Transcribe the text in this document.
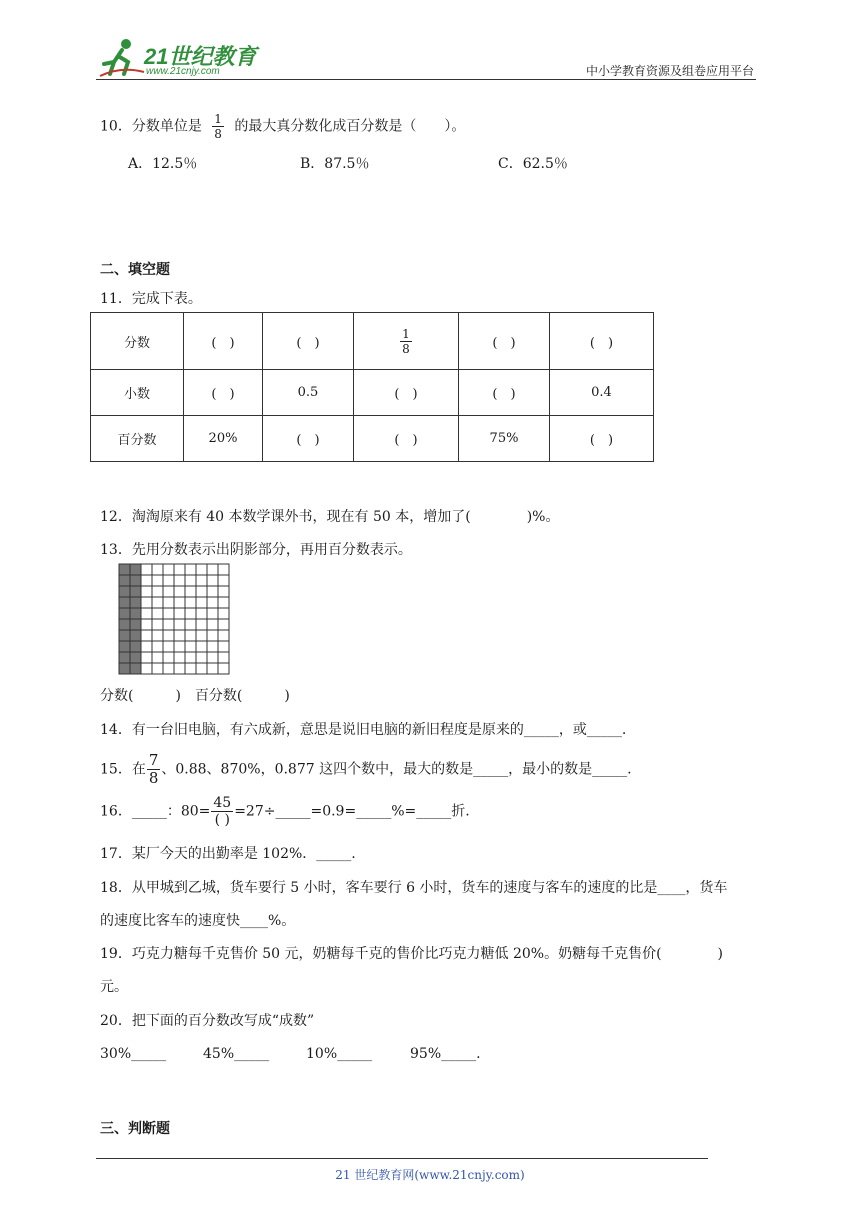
21世纪教育
www.21cnjy.com	中小学教育资源及组卷应用平台
10．分数单位是 $\frac{1}{8}$ 的最大真分数化成百分数是（　　）。
A．12.5％	B．87.5％	C．62.5％
二、填空题
11．完成下表。
分数	(　)	(　)	$\frac{1}{8}$	(　)	(　)
小数	(　)	0.5	(　)	(　)	0.4
百分数	20%	(　)	(　)	75%	(　)
12．淘淘原来有 40 本数学课外书，现在有 50 本，增加了(　　　　)%。
13．先用分数表示出阴影部分，再用百分数表示。
分数(　　　)　百分数(　　　)
14．有一台旧电脑，有六成新，意思是说旧电脑的新旧程度是原来的_____，或_____.
15．在 $\frac{7}{8}$ 、0.88、870%，0.877 这四个数中，最大的数是_____，最小的数是_____.
16．_____：$80= \frac{45}{( )}$ =27÷_____=0.9=_____%=_____折.
17．某厂今天的出勤率是 102%．_____.
18．从甲城到乙城，货车要行 5 小时，客车要行 6 小时，货车的速度与客车的速度的比是____，货车
的速度比客车的速度快____%。
19．巧克力糖每千克售价 50 元，奶糖每千克的售价比巧克力糖低 20%。奶糖每千克售价(　　　　)
元。
20．把下面的百分数改写成“成数”
30%_____	45%_____	10%_____	95%_____.
三、判断题
21 世纪教育网(www.21cnjy.com)
